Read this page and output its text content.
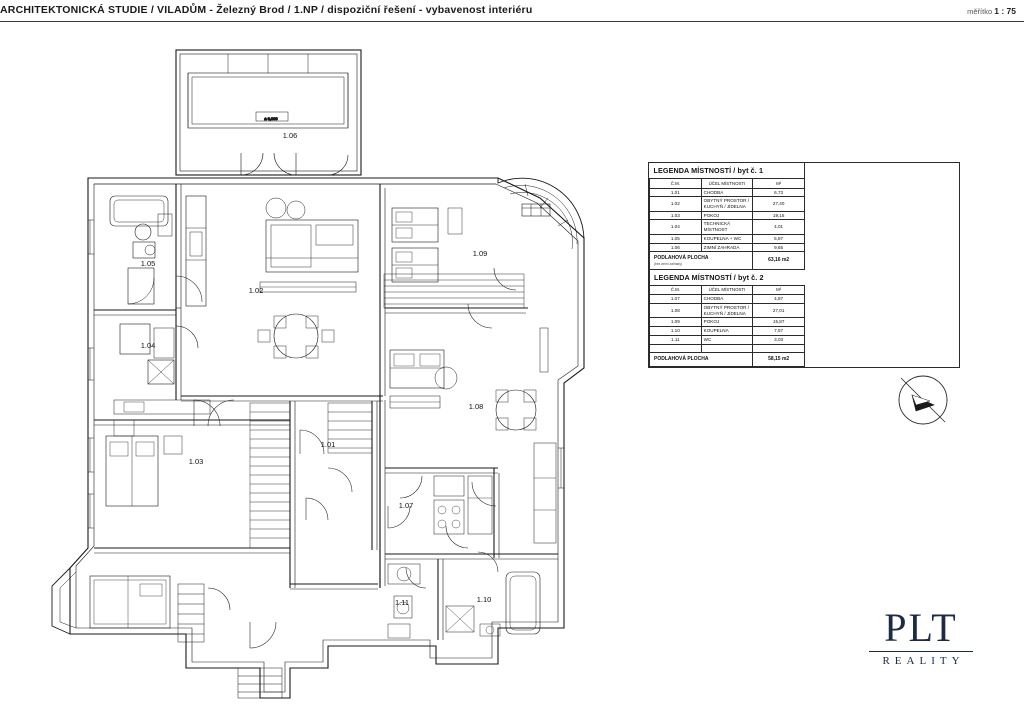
ARCHITEKTONICKÁ STUDIE / VILADŮM - Železný Brod / 1.NP / dispoziční řešení - vybavenost interiéru	měřítko 1 : 75
± 0,000
1.06
1.05
1.04
1.02
1.09
1.08
1.01
1.03
1.07
1.11	1.10
LEGENDA MÍSTNOSTÍ / byt č. 1		
Č.M.	ÚČEL MÍSTNOSTI	M²
1.01	CHODBA	6,73
1.02	OBYTNÝ PROSTOR / KUCHYŇ / JÍDELNA	27,40
1.03	POKOJ	19,15
1.04	TECHNICKÁ MÍSTNOST	4,01
1.05	KOUPELNA + WC	5,87
1.06	ZIMNÍ ZAHRADA	9,65
PODLAHOVÁ PLOCHA
(bez zimní zahrady)		63,16 m2
LEGENDA MÍSTNOSTÍ / byt č. 2		
Č.M.	ÚČEL MÍSTNOSTI	M²
1.07	CHODBA	4,87
1.08	OBYTNÝ PROSTOR / KUCHYŇ / JÍDELNA	27,01
1.09	POKOJ	15,87
1.10	KOUPELNA	7,57
1.11	WC	3,03

PODLAHOVÁ PLOCHA		58,15 m2
PLT
REALITY
